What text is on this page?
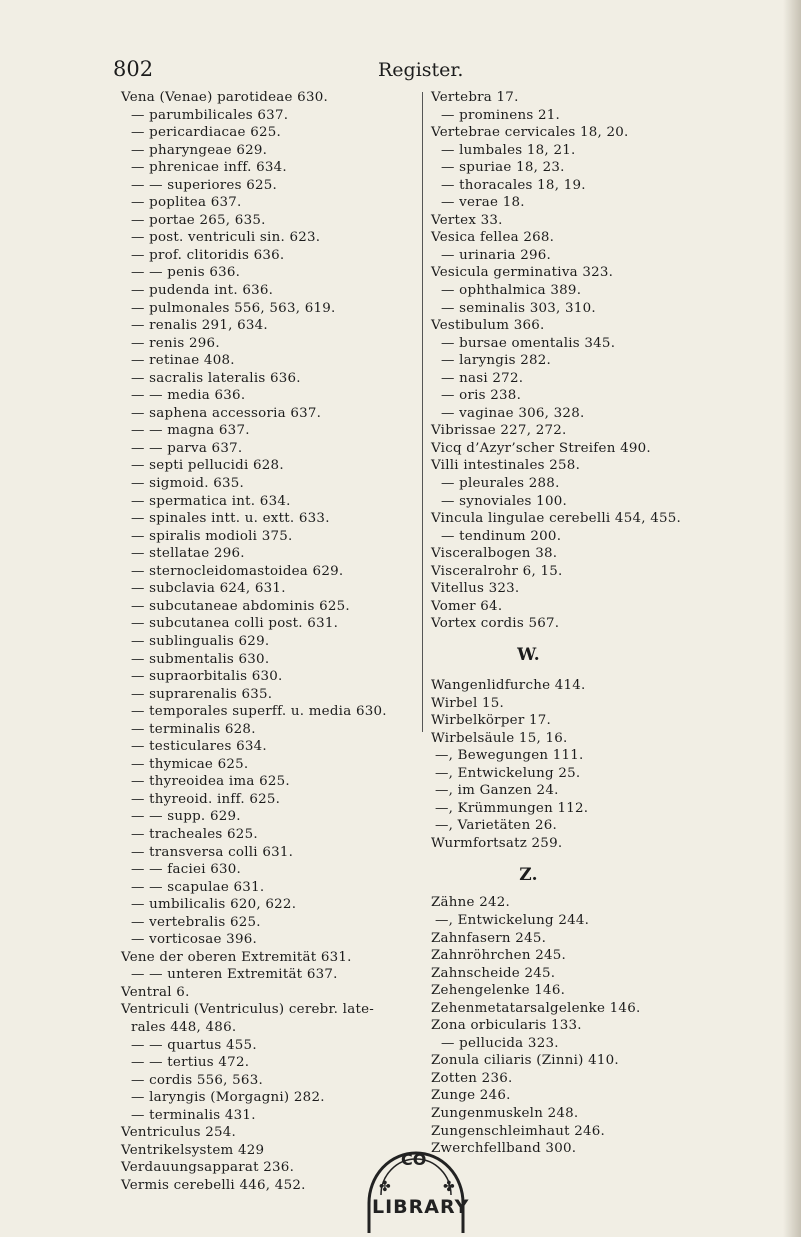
802	Register.
Vena (Venae) parotideae 630.
— parumbilicales 637.
— pericardiacae 625.
— pharyngeae 629.
— phrenicae inff. 634.
— — superiores 625.
— poplitea 637.
— portae 265, 635.
— post. ventriculi sin. 623.
— prof. clitoridis 636.
— — penis 636.
— pudenda int. 636.
— pulmonales 556, 563, 619.
— renalis 291, 634.
— renis 296.
— retinae 408.
— sacralis lateralis 636.
— — media 636.
— saphena accessoria 637.
— — magna 637.
— — parva 637.
— septi pellucidi 628.
— sigmoid. 635.
— spermatica int. 634.
— spinales intt. u. extt. 633.
— spiralis modioli 375.
— stellatae 296.
— sternocleidomastoidea 629.
— subclavia 624, 631.
— subcutaneae abdominis 625.
— subcutanea colli post. 631.
— sublingualis 629.
— submentalis 630.
— supraorbitalis 630.
— suprarenalis 635.
— temporales superff. u. media 630.
— terminalis 628.
— testiculares 634.
— thymicae 625.
— thyreoidea ima 625.
— thyreoid. inff. 625.
— — supp. 629.
— tracheales 625.
— transversa colli 631.
— — faciei 630.
— — scapulae 631.
— umbilicalis 620, 622.
— vertebralis 625.
— vorticosae 396.
Vene der oberen Extremität 631.
— — unteren Extremität 637.
Ventral 6.
Ventriculi (Ventriculus) cerebr. late-
rales 448, 486.
— — quartus 455.
— — tertius 472.
— cordis 556, 563.
— laryngis (Morgagni) 282.
— terminalis 431.
Ventriculus 254.
Ventrikelsystem 429
Verdauungsapparat 236.
Vermis cerebelli 446, 452.
Vertebra 17.
— prominens 21.
Vertebrae cervicales 18, 20.
— lumbales 18, 21.
— spuriae 18, 23.
— thoracales 18, 19.
— verae 18.
Vertex 33.
Vesica fellea 268.
— urinaria 296.
Vesicula germinativa 323.
— ophthalmica 389.
— seminalis 303, 310.
Vestibulum 366.
— bursae omentalis 345.
— laryngis 282.
— nasi 272.
— oris 238.
— vaginae 306, 328.
Vibrissae 227, 272.
Vicq d’Azyr’scher Streifen 490.
Villi intestinales 258.
— pleurales 288.
— synoviales 100.
Vincula lingulae cerebelli 454, 455.
— tendinum 200.
Visceralbogen 38.
Visceralrohr 6, 15.
Vitellus 323.
Vomer 64.
Vortex cordis 567.
W.
Wangenlidfurche 414.
Wirbel 15.
Wirbelkörper 17.
Wirbelsäule 15, 16.
—, Bewegungen 111.
—, Entwickelung 25.
—, im Ganzen 24.
—, Krümmungen 112.
—, Varietäten 26.
Wurmfortsatz 259.
Z.
Zähne 242.
—, Entwickelung 244.
Zahnfasern 245.
Zahnröhrchen 245.
Zahnscheide 245.
Zehengelenke 146.
Zehenmetatarsalgelenke 146.
Zona orbicularis 133.
— pellucida 323.
Zonula ciliaris (Zinni) 410.
Zotten 236.
Zunge 246.
Zungenmuskeln 248.
Zungenschleimhaut 246.
Zwerchfellband 300.
CO
✤	✤
LIBRARY
